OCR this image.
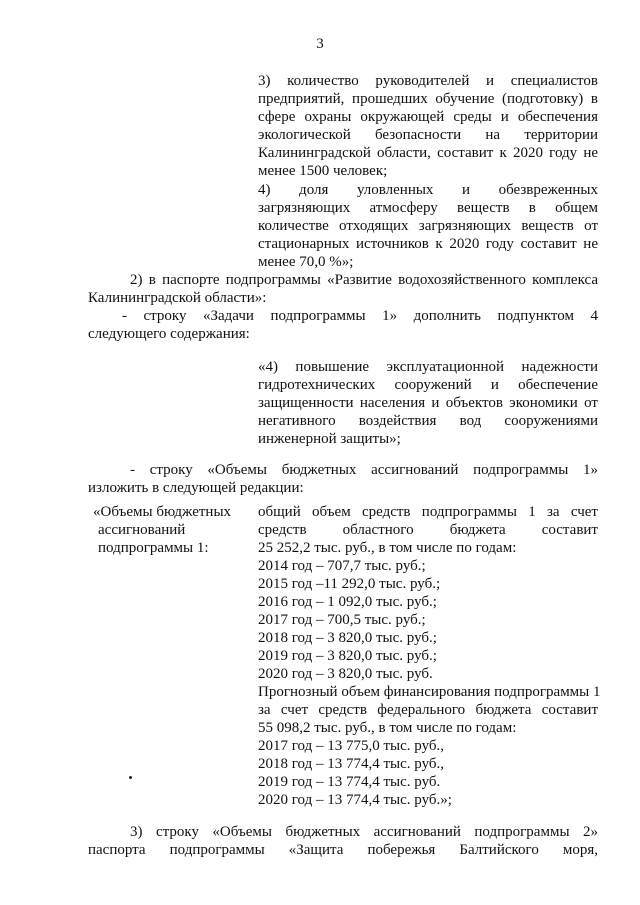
3
3) количество руководителей и специалистов
предприятий, прошедших обучение (подготовку) в
сфере охраны окружающей среды и обеспечения
экологической безопасности на территории
Калининградской области, составит к 2020 году не
менее 1500 человек;
4) доля уловленных и обезвреженных
загрязняющих атмосферу веществ в общем
количестве отходящих загрязняющих веществ от
стационарных источников к 2020 году составит не
менее 70,0 %»;
2) в паспорте подпрограммы «Развитие водохозяйственного комплекса
Калининградской области»:
- строку «Задачи подпрограммы 1» дополнить подпунктом 4
следующего содержания:
«4) повышение эксплуатационной надежности
гидротехнических сооружений и обеспечение
защищенности населения и объектов экономики от
негативного воздействия вод сооружениями
инженерной защиты»;
- строку «Объемы бюджетных ассигнований подпрограммы 1»
изложить в следующей редакции:
«Объемы бюджетных
ассигнований
подпрограммы 1:
общий объем средств подпрограммы 1 за счет
средств областного бюджета составит
25 252,2 тыс. руб., в том числе по годам:
2014 год – 707,7 тыс. руб.;
2015 год –11 292,0 тыс. руб.;
2016 год – 1 092,0 тыс. руб.;
2017 год – 700,5 тыс. руб.;
2018 год – 3 820,0 тыс. руб.;
2019 год – 3 820,0 тыс. руб.;
2020 год – 3 820,0 тыс. руб.
Прогнозный объем финансирования подпрограммы 1
за счет средств федерального бюджета составит
55 098,2 тыс. руб., в том числе по годам:
2017 год – 13 775,0 тыс. руб.,
2018 год – 13 774,4 тыс. руб.,
2019 год – 13 774,4 тыс. руб.
2020 год – 13 774,4 тыс. руб.»;
3) строку «Объемы бюджетных ассигнований подпрограммы 2»
паспорта подпрограммы «Защита побережья Балтийского моря,
